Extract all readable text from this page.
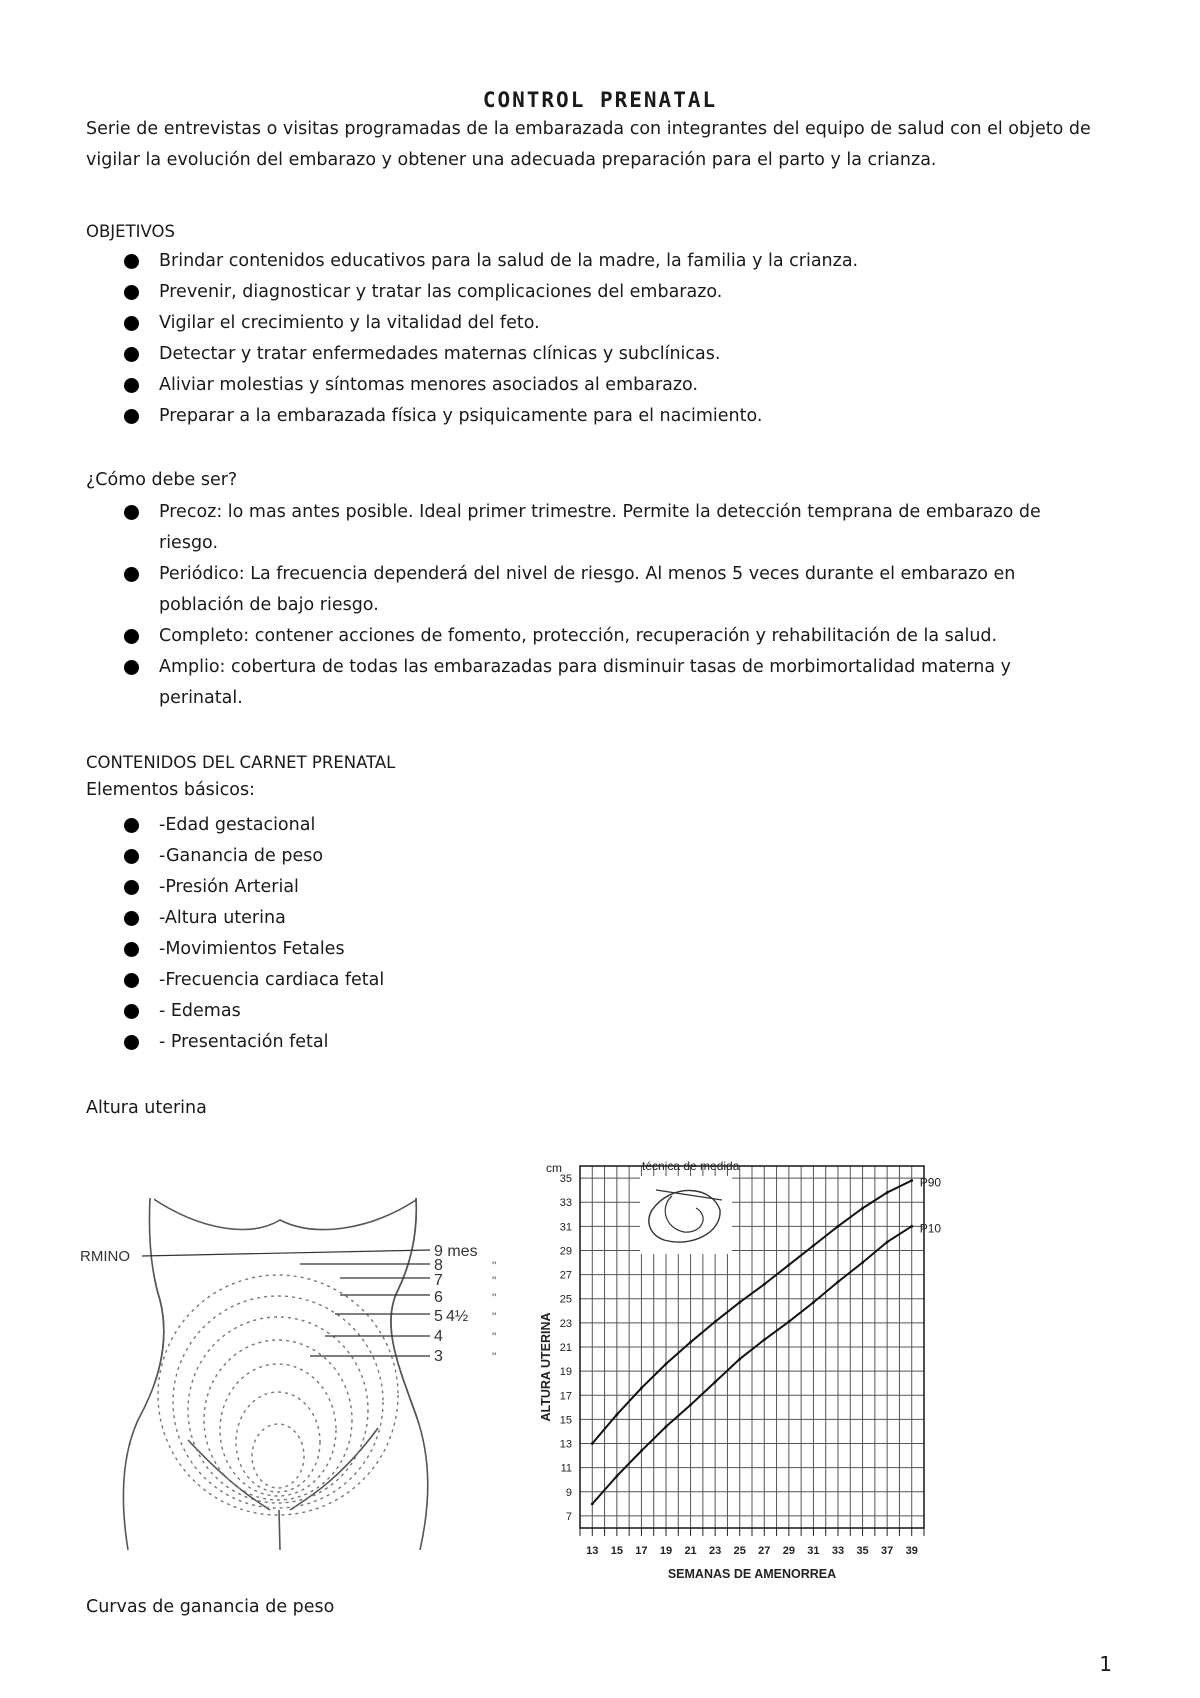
CONTROL PRENATAL

Serie de entrevistas o visitas programadas de la embarazada con integrantes del equipo de salud con el objeto de vigilar la evolución del embarazo y obtener una adecuada preparación para el parto y la crianza.

OBJETIVOS

Brindar contenidos educativos para la salud de la madre, la familia y la crianza.
Prevenir, diagnosticar y tratar las complicaciones del embarazo.
Vigilar el crecimiento y la vitalidad del feto.
Detectar y tratar enfermedades maternas clínicas y subclínicas.
Aliviar molestias y síntomas menores asociados al embarazo.
Preparar a la embarazada física y psiquicamente para el nacimiento.

¿Cómo debe ser?

Precoz: lo mas antes posible. Ideal primer trimestre. Permite la detección temprana de embarazo de riesgo.
Periódico: La frecuencia dependerá del nivel de riesgo. Al menos 5 veces durante el embarazo en población de bajo riesgo.
Completo: contener acciones de fomento, protección, recuperación y rehabilitación de la salud.
Amplio: cobertura de todas las embarazadas para disminuir tasas de morbimortalidad materna y perinatal.

CONTENIDOS DEL CARNET PRENATAL

Elementos básicos:

-Edad gestacional
-Ganancia de peso
-Presión Arterial
-Altura uterina
-Movimientos Fetales
-Frecuencia cardiaca fetal
- Edemas
- Presentación fetal

Altura uterina

RMINO	9 mes
8
7
6
5 4½
4
3
"
"
"
"
"
"
técnica de medida
cm
7
9
11
13
15
17
19
21
23
25
27
29
31
33
35
13 15 17 19 21 23 25 27 29 31 33 35 37 39
SEMANAS DE AMENORREA
ALTURA UTERINA
P90
P10

Curvas de ganancia de peso

1
